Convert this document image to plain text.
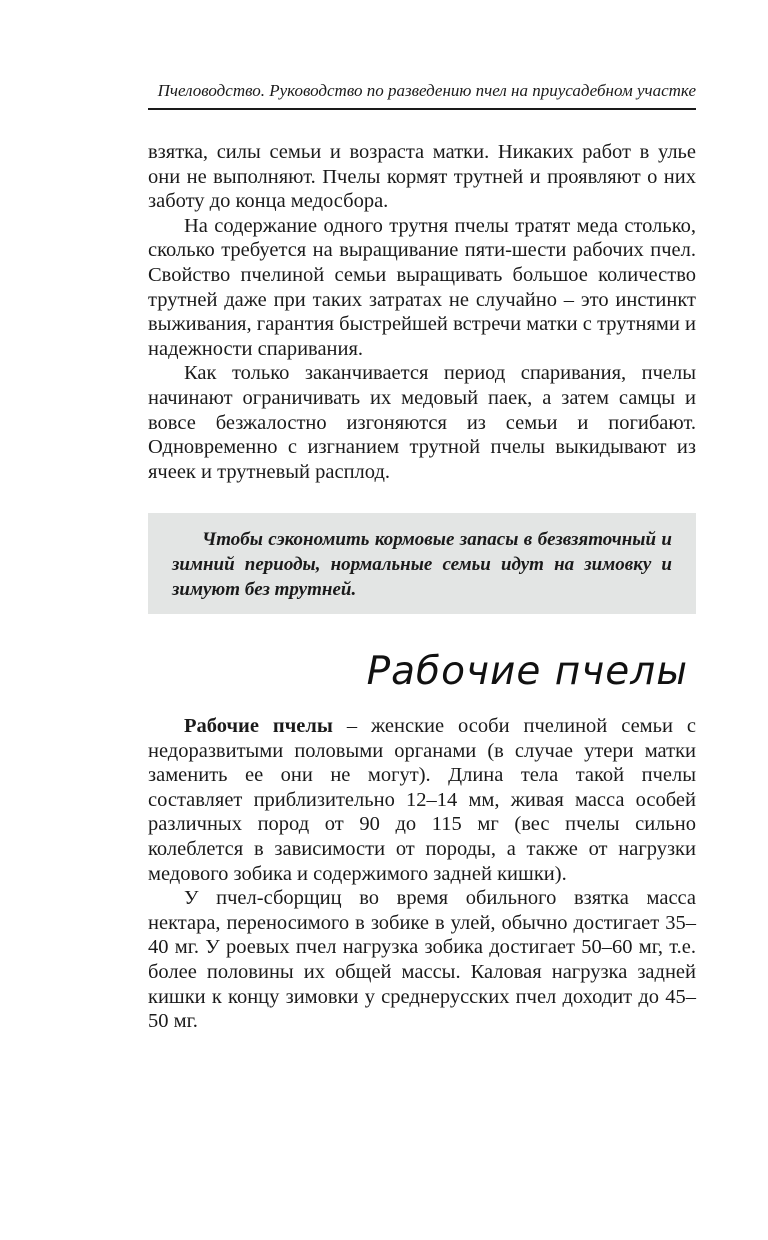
Пчеловодство. Руководство по разведению пчел на приусадебном участке

взятка, силы семьи и возраста матки. Никаких работ в улье они не выполняют. Пчелы кормят трутней и проявляют о них заботу до конца медосбора.

На содержание одного трутня пчелы тратят меда столько, сколько требуется на выращивание пяти-шести рабочих пчел. Свойство пчелиной семьи выращивать большое количество трутней даже при таких затратах не случайно – это инстинкт выживания, гарантия быстрейшей встречи матки с трутнями и надежности спаривания.

Как только заканчивается период спаривания, пчелы начинают ограничивать их медовый паек, а затем самцы и вовсе безжалостно изгоняются из семьи и погибают. Одновременно с изгнанием трутной пчелы выкидывают из ячеек и трутневый расплод.

Чтобы сэкономить кормовые запасы в безвзяточный и зимний периоды, нормальные семьи идут на зимовку и зимуют без трутней.

Рабочие пчелы

Рабочие пчелы – женские особи пчелиной семьи с недоразвитыми половыми органами (в случае утери матки заменить ее они не могут). Длина тела такой пчелы составляет приблизительно 12–14 мм, живая масса особей различных пород от 90 до 115 мг (вес пчелы сильно колеблется в зависимости от породы, а также от нагрузки медового зобика и содержимого задней кишки).

У пчел-сборщиц во время обильного взятка масса нектара, переносимого в зобике в улей, обычно достигает 35–40 мг. У роевых пчел нагрузка зобика достигает 50–60 мг, т.е. более половины их общей массы. Каловая нагрузка задней кишки к концу зимовки у среднерусских пчел доходит до 45–50 мг.
